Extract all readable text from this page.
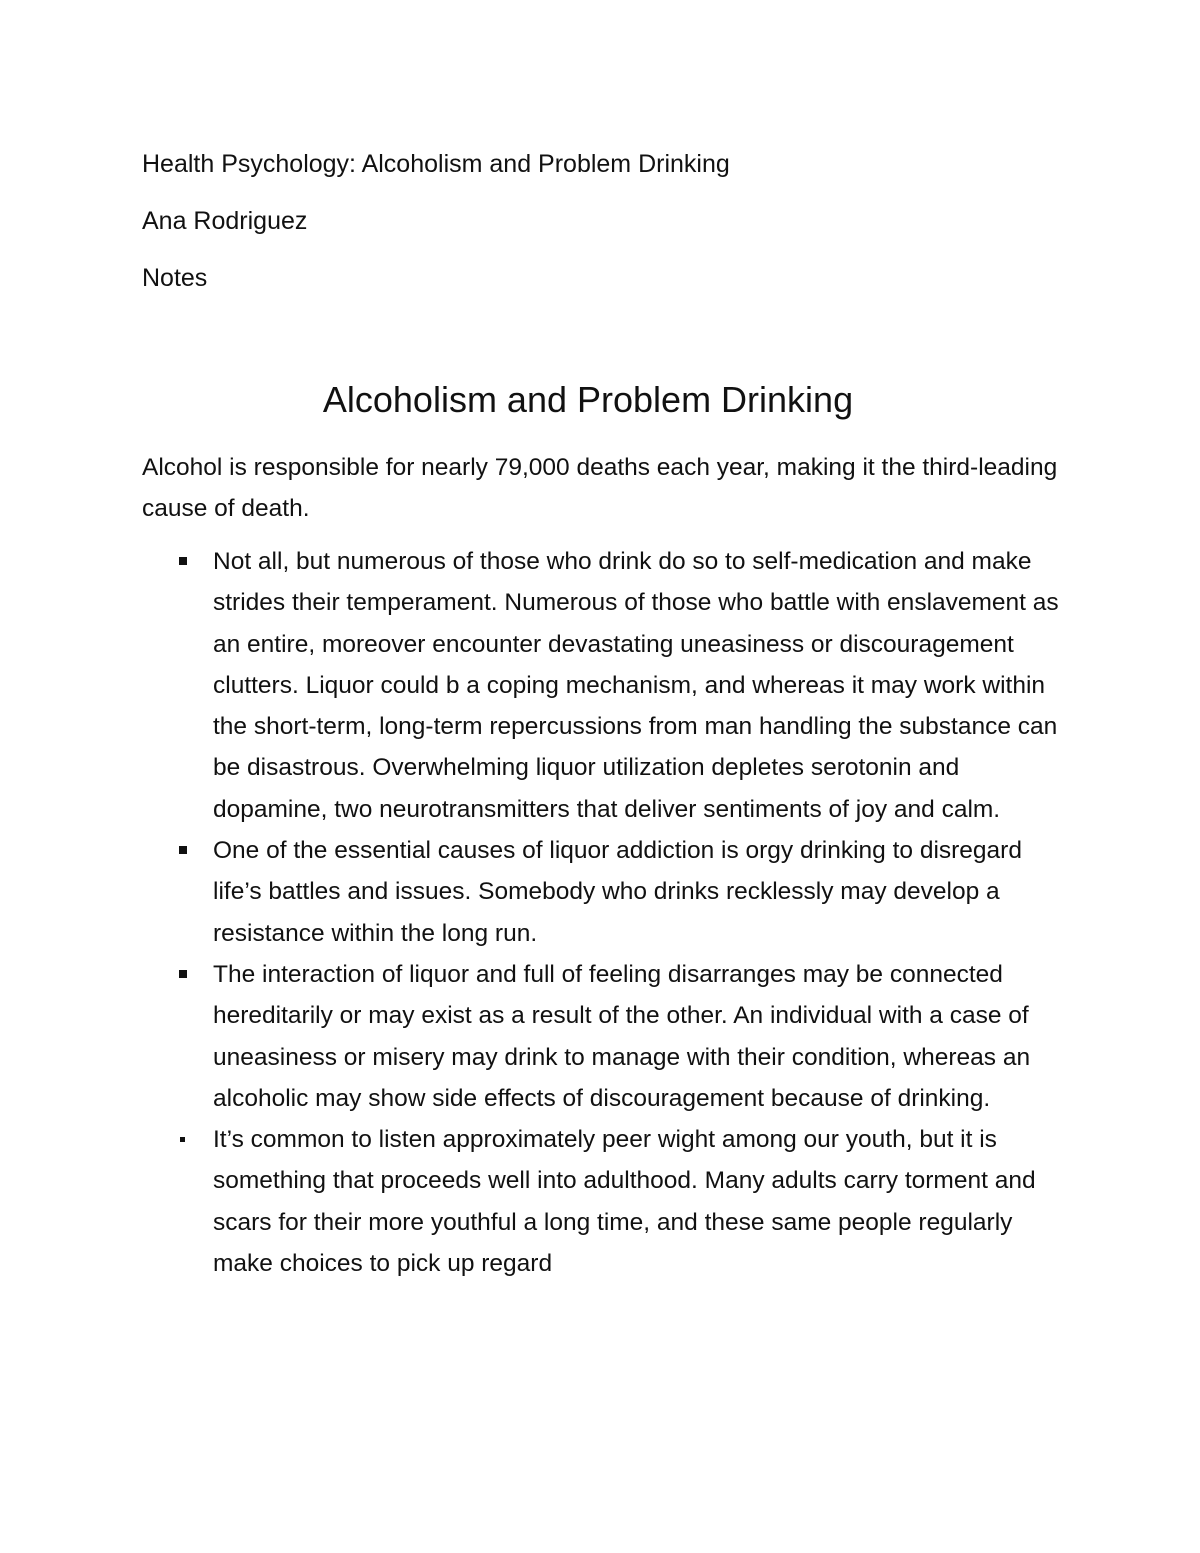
Health Psychology: Alcoholism and Problem Drinking
Ana Rodriguez
Notes
Alcoholism and Problem Drinking

Alcohol is responsible for nearly 79,000 deaths each year, making it the third-leading cause of death.

Not all, but numerous of those who drink do so to self-medication and make strides their temperament. Numerous of those who battle with enslavement as an entire, moreover encounter devastating uneasiness or discouragement clutters. Liquor could b a coping mechanism, and whereas it may work within the short-term, long-term repercussions from man handling the substance can be disastrous. Overwhelming liquor utilization depletes serotonin and dopamine, two neurotransmitters that deliver sentiments of joy and calm.
One of the essential causes of liquor addiction is orgy drinking to disregard life’s battles and issues. Somebody who drinks recklessly may develop a resistance within the long run.
The interaction of liquor and full of feeling disarranges may be connected hereditarily or may exist as a result of the other. An individual with a case of uneasiness or misery may drink to manage with their condition, whereas an alcoholic may show side effects of discouragement because of drinking.
It’s common to listen approximately peer wight among our youth, but it is something that proceeds well into adulthood. Many adults carry torment and scars for their more youthful a long time, and these same people regularly make choices to pick up regard
